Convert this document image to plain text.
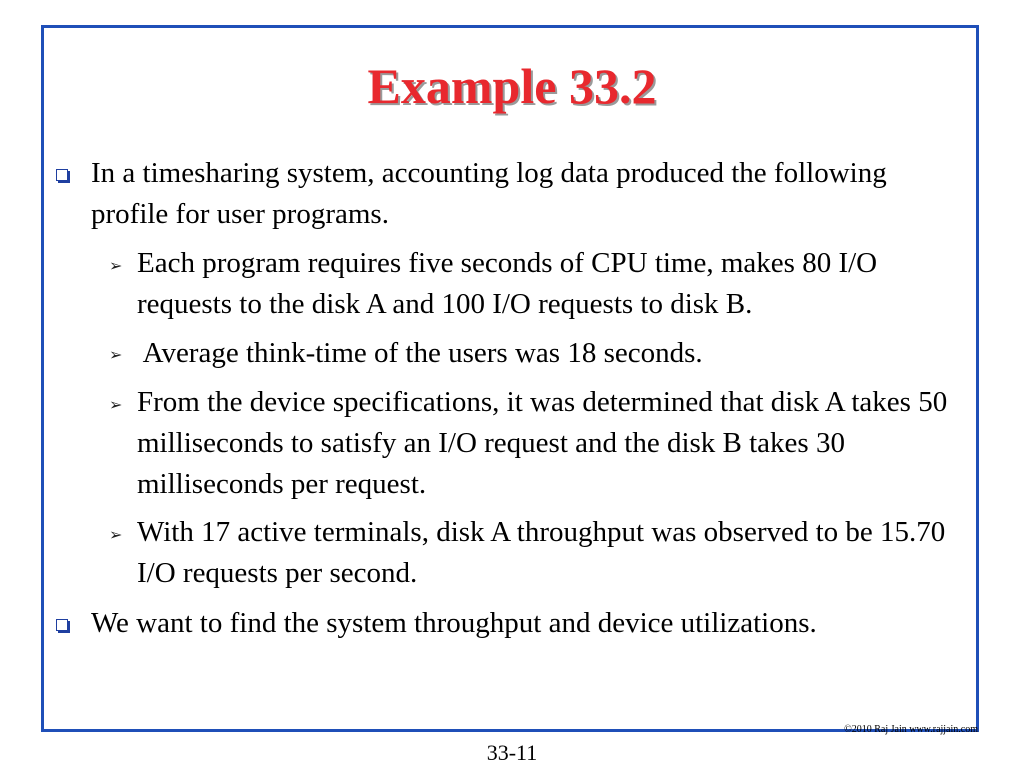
Example 33.2
In a timesharing system, accounting log data produced the following profile for user programs.
➢ Each program requires five seconds of CPU time, makes 80 I/O requests to the disk A and 100 I/O requests to disk B.
➢ Average think-time of the users was 18 seconds.
➢ From the device specifications, it was determined that disk A takes 50 milliseconds to satisfy an I/O request and the disk B takes 30 milliseconds per request.
➢ With 17 active terminals, disk A throughput was observed to be 15.70 I/O requests per second.
We want to find the system throughput and device utilizations.
©2010 Raj Jain www.rajjain.com
33-11
